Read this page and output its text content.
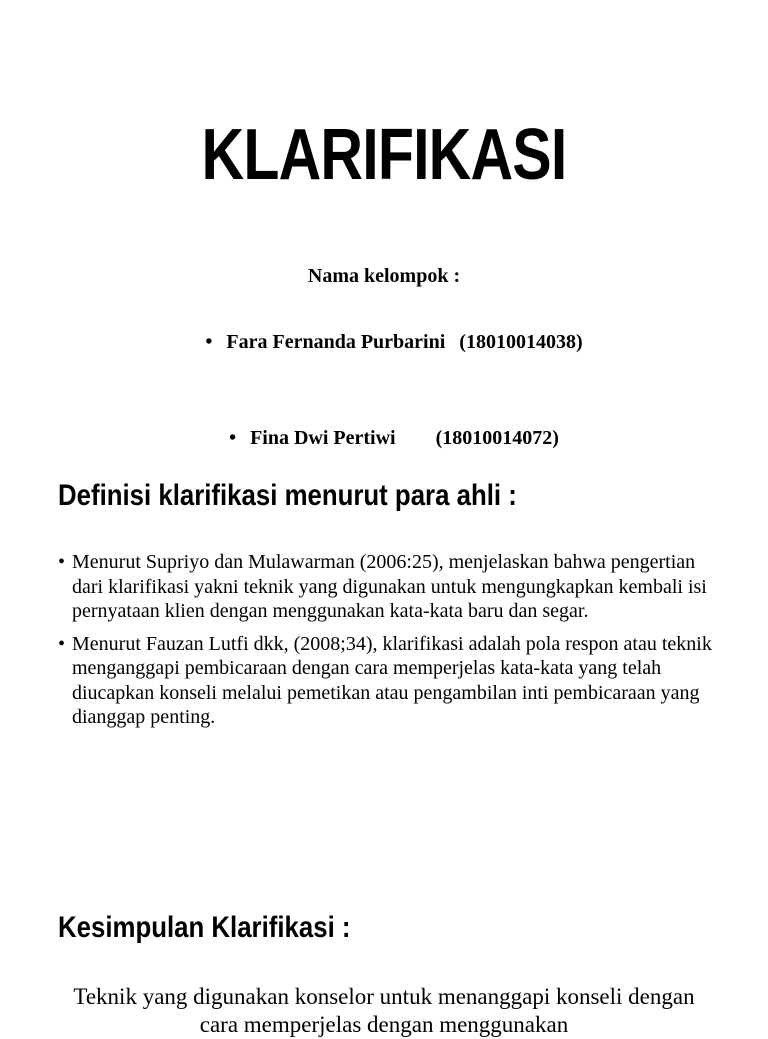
KLARIFIKASI
Nama kelompok :

• Fara Fernanda Purbarini (18010014038)

• Fina Dwi Pertiwi (18010014072)

Definisi klarifikasi menurut para ahli :
• Menurut Supriyo dan Mulawarman (2006:25), menjelaskan bahwa pengertian dari klarifikasi yakni teknik yang digunakan untuk mengungkapkan kembali isi pernyataan klien dengan menggunakan kata-kata baru dan segar.
• Menurut Fauzan Lutfi dkk, (2008;34), klarifikasi adalah pola respon atau teknik menganggapi pembicaraan dengan cara memperjelas kata-kata yang telah diucapkan konseli melalui pemetikan atau pengambilan inti pembicaraan yang dianggap penting.
Kesimpulan Klarifikasi :
Teknik yang digunakan konselor untuk menanggapi konseli dengan cara memperjelas dengan menggunakan
